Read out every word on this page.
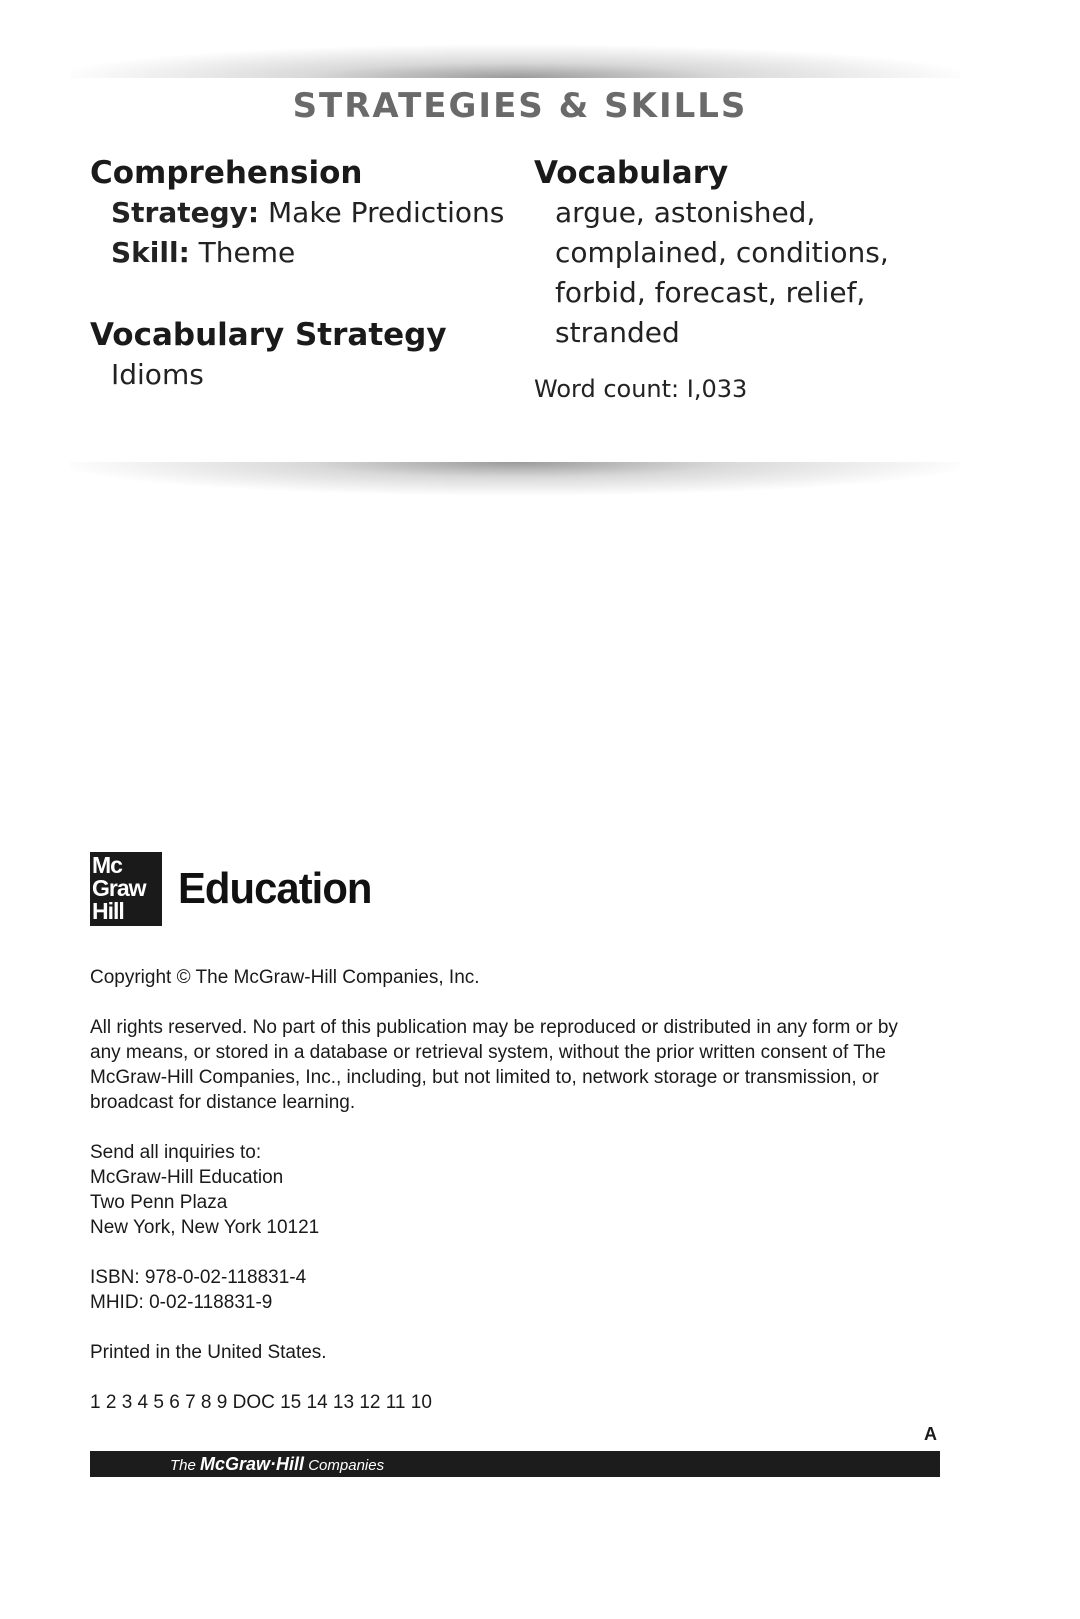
STRATEGIES & SKILLS
Comprehension
Strategy: Make Predictions
Skill: Theme
Vocabulary Strategy
Idioms
Vocabulary
argue, astonished,
complained, conditions,
forbid, forecast, relief,
stranded
Word count: I,033
Mc
Graw
Hill	Education

Copyright © The McGraw-Hill Companies, Inc.

All rights reserved. No part of this publication may be reproduced or distributed in any form or by any means, or stored in a database or retrieval system, without the prior written consent of The McGraw-Hill Companies, Inc., including, but not limited to, network storage or transmission, or broadcast for distance learning.

Send all inquiries to:

McGraw-Hill Education

Two Penn Plaza

New York, New York 10121

ISBN: 978-0-02-118831-4

MHID: 0-02-118831-9

Printed in the United States.

1 2 3 4 5 6 7 8 9 DOC 15 14 13 12 11 10

A
The McGraw·Hill Companies
